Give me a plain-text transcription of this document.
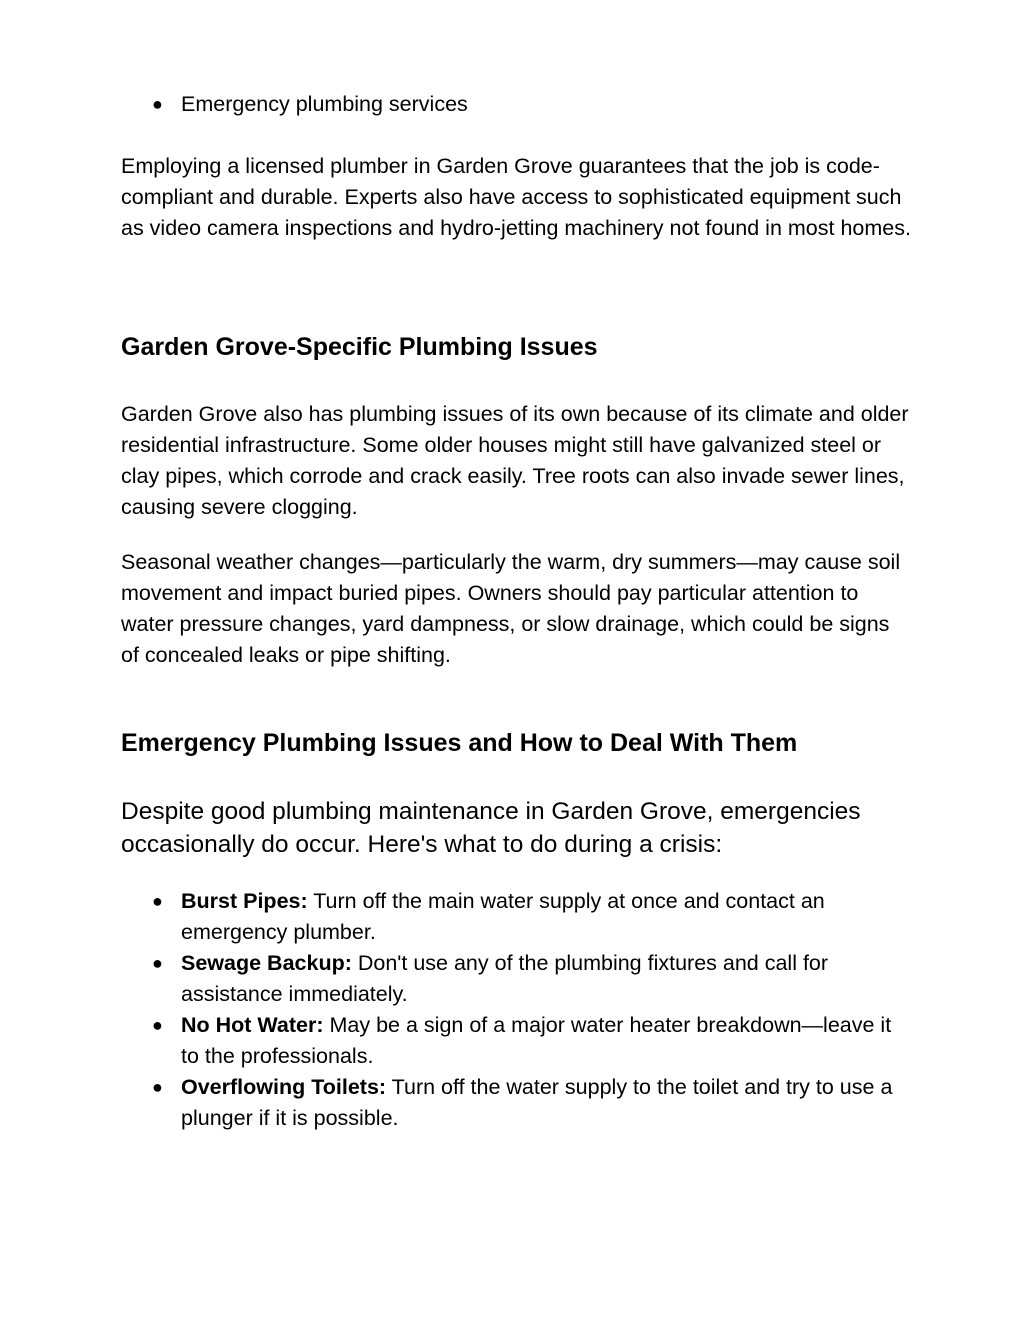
● Emergency plumbing services

Employing a licensed plumber in Garden Grove guarantees that the job is code-compliant and durable. Experts also have access to sophisticated equipment such as video camera inspections and hydro-jetting machinery not found in most homes.

Garden Grove-Specific Plumbing Issues

Garden Grove also has plumbing issues of its own because of its climate and older residential infrastructure. Some older houses might still have galvanized steel or clay pipes, which corrode and crack easily. Tree roots can also invade sewer lines, causing severe clogging.

Seasonal weather changes—particularly the warm, dry summers—may cause soil movement and impact buried pipes. Owners should pay particular attention to water pressure changes, yard dampness, or slow drainage, which could be signs of concealed leaks or pipe shifting.

Emergency Plumbing Issues and How to Deal With Them

Despite good plumbing maintenance in Garden Grove, emergencies occasionally do occur. Here's what to do during a crisis:

● Burst Pipes: Turn off the main water supply at once and contact an emergency plumber.
● Sewage Backup: Don't use any of the plumbing fixtures and call for assistance immediately.
● No Hot Water: May be a sign of a major water heater breakdown—leave it to the professionals.
● Overflowing Toilets: Turn off the water supply to the toilet and try to use a plunger if it is possible.
